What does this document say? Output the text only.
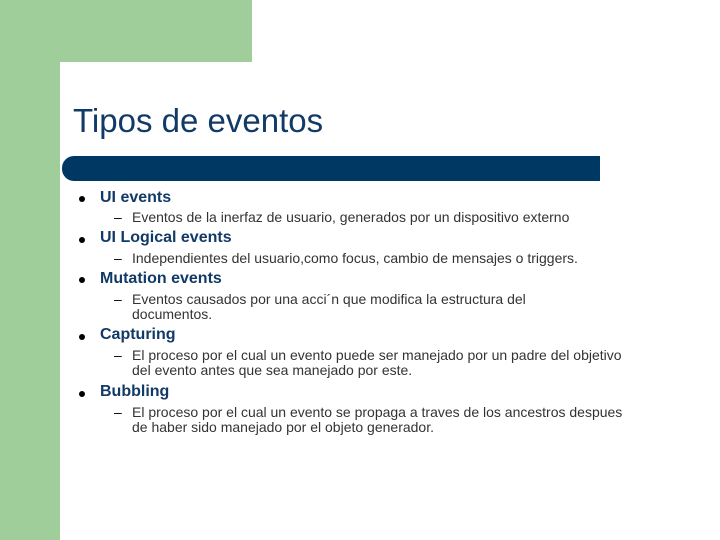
Tipos de eventos
UI events
– Eventos de la inerfaz de usuario, generados por un dispositivo externo
UI Logical events
– Independientes del usuario,como focus, cambio de mensajes o triggers.
Mutation events
– Eventos causados por una acci´n que modifica la estructura del documentos.
Capturing
– El proceso por el cual un evento puede ser manejado por un padre del objetivo del evento antes que sea manejado por este.
Bubbling
– El proceso por el cual un evento se propaga a traves de los ancestros despues de haber sido manejado por el objeto generador.
